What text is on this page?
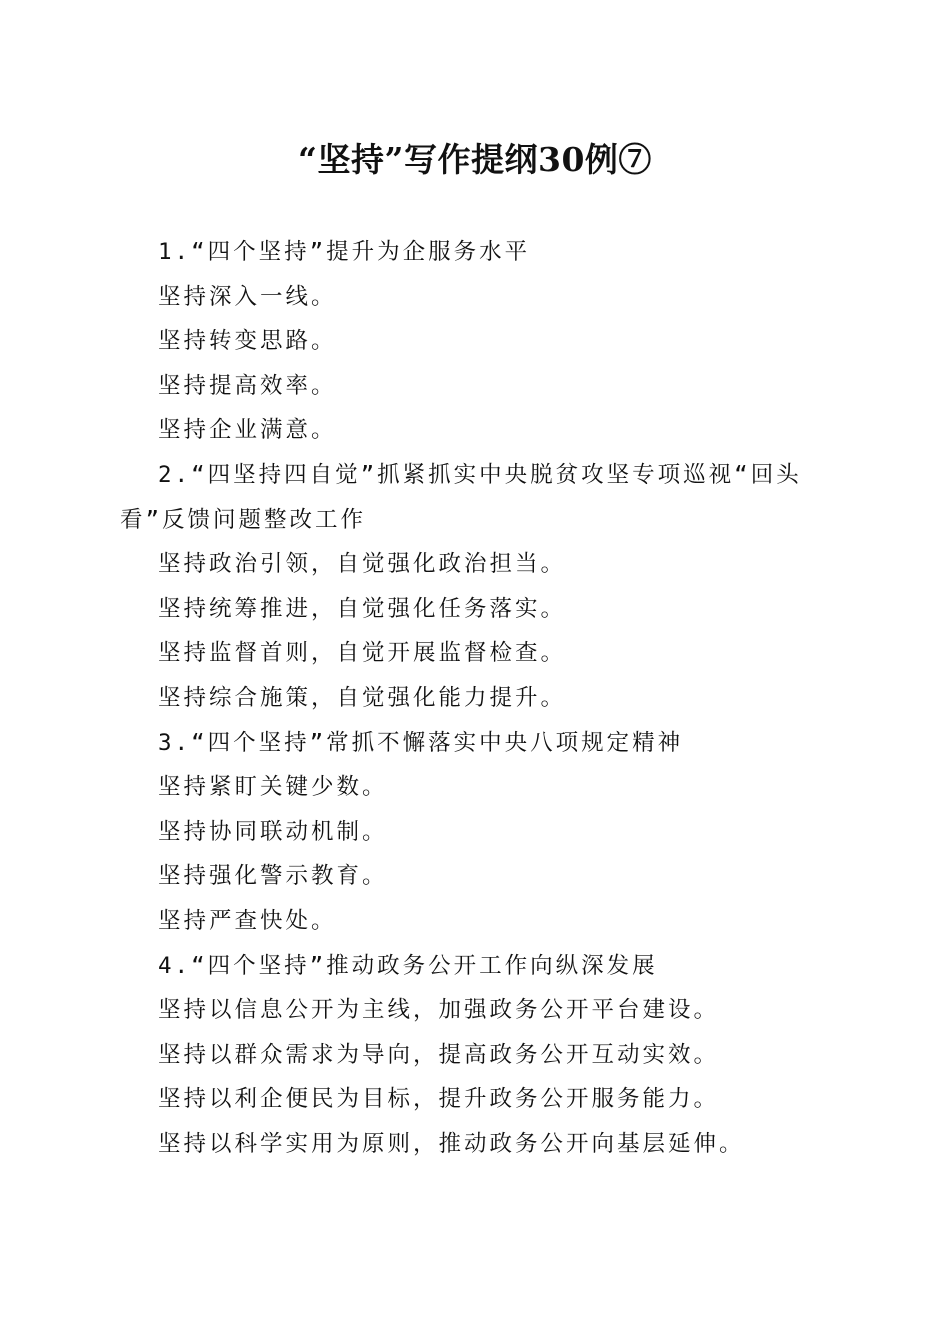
“坚持”写作提纲30例⑦

1.“四个坚持”提升为企服务水平

坚持深入一线。

坚持转变思路。

坚持提高效率。

坚持企业满意。

2.“四坚持四自觉”抓紧抓实中央脱贫攻坚专项巡视“回头看”反馈问题整改工作

坚持政治引领，自觉强化政治担当。

坚持统筹推进，自觉强化任务落实。

坚持监督首则，自觉开展监督检查。

坚持综合施策，自觉强化能力提升。

3.“四个坚持”常抓不懈落实中央八项规定精神

坚持紧盯关键少数。

坚持协同联动机制。

坚持强化警示教育。

坚持严查快处。

4.“四个坚持”推动政务公开工作向纵深发展

坚持以信息公开为主线，加强政务公开平台建设。

坚持以群众需求为导向，提高政务公开互动实效。

坚持以利企便民为目标，提升政务公开服务能力。

坚持以科学实用为原则，推动政务公开向基层延伸。
